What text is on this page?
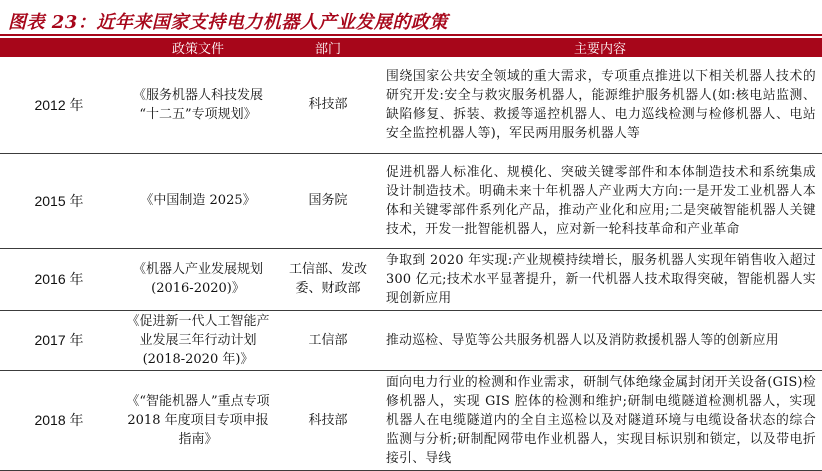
图表 23：近年来国家支持电力机器人产业发展的政策
	政策文件	部门	主要内容
2012 年	《服务机器人科技发展 “十二五”专项规划》	科技部	围绕国家公共安全领域的重大需求，专项重点推进以下相关机器人技术的研究开发:安全与救灾服务机器人，能源维护服务机器人(如:核电站监测、缺陷修复、拆装、救援等遥控机器人、电力巡线检测与检修机器人、电站安全监控机器人等)，军民两用服务机器人等
2015 年	《中国制造 2025》	国务院	促进机器人标准化、规模化、突破关键零部件和本体制造技术和系统集成设计制造技术。明确未来十年机器人产业两大方向:一是开发工业机器人本体和关键零部件系列化产品，推动产业化和应用;二是突破智能机器人关键技术，开发一批智能机器人，应对新一轮科技革命和产业革命
2016 年	《机器人产业发展规划 (2016-2020)》	工信部、发改委、财政部	争取到 2020 年实现:产业规模持续增长，服务机器人实现年销售收入超过 300 亿元;技术水平显著提升，新一代机器人技术取得突破，智能机器人实现创新应用
2017 年	《促进新一代人工智能产业发展三年行动计划 (2018-2020 年)》	工信部	推动巡检、导览等公共服务机器人以及消防救援机器人等的创新应用
2018 年	《“智能机器人”重点专项 2018 年度项目专项申报指南》	科技部	面向电力行业的检测和作业需求，研制气体绝缘金属封闭开关设备(GIS)检修机器人，实现 GIS 腔体的检测和维护;研制电缆隧道检测机器人，实现机器人在电缆隧道内的全自主巡检以及对隧道环境与电缆设备状态的综合监测与分析;研制配网带电作业机器人，实现目标识别和锁定，以及带电折接引、导线
